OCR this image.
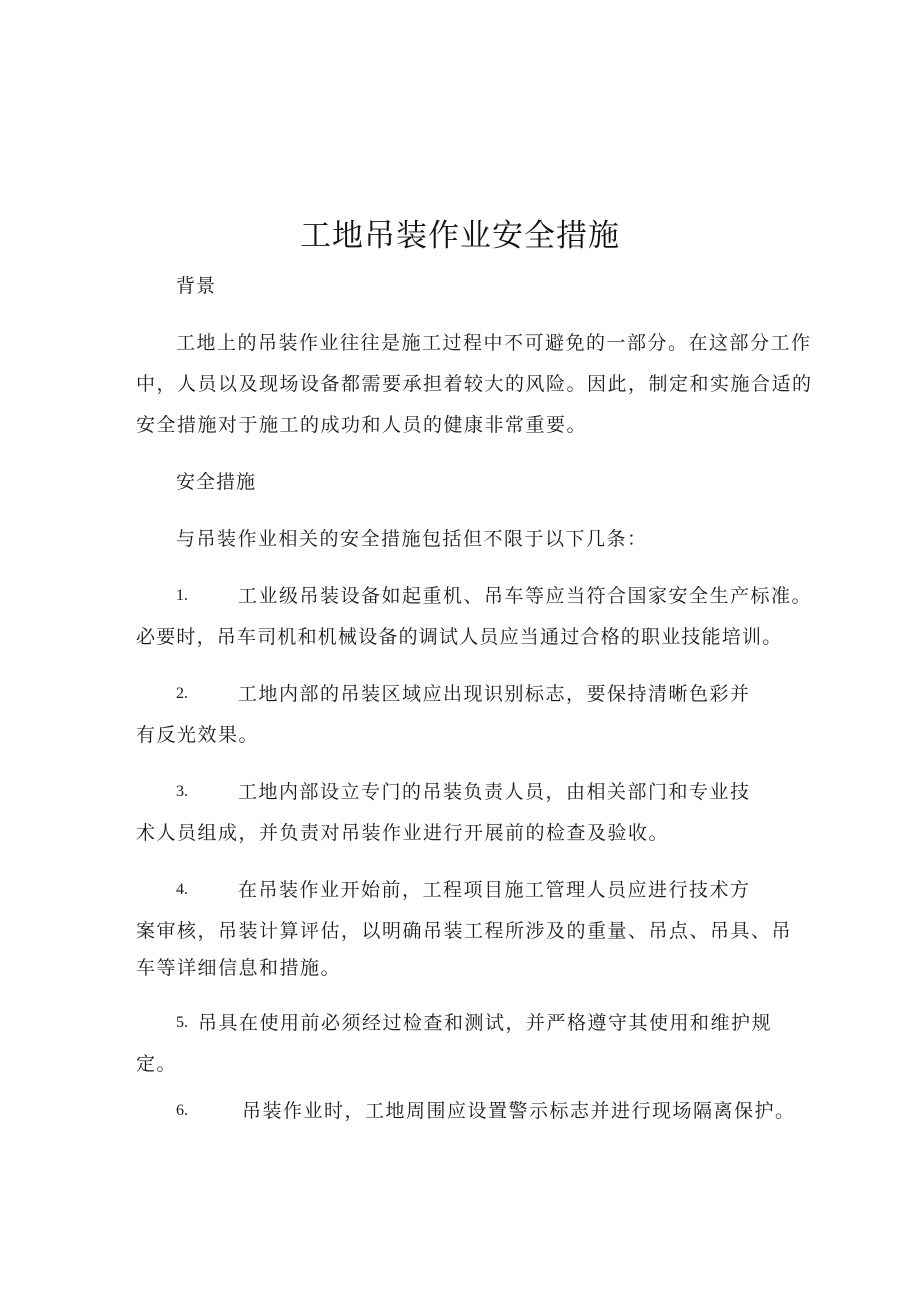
工地吊装作业安全措施
背景
工地上的吊装作业往往是施工过程中不可避免的一部分。在这部分工作
中，人员以及现场设备都需要承担着较大的风险。因此，制定和实施合适的
安全措施对于施工的成功和人员的健康非常重要。
安全措施
与吊装作业相关的安全措施包括但不限于以下几条：
1.	工业级吊装设备如起重机、吊车等应当符合国家安全生产标准。
必要时，吊车司机和机械设备的调试人员应当通过合格的职业技能培训。
2.	工地内部的吊装区域应出现识别标志，要保持清晰色彩并
有反光效果。
3.	工地内部设立专门的吊装负责人员，由相关部门和专业技
术人员组成，并负责对吊装作业进行开展前的检查及验收。
4.	在吊装作业开始前，工程项目施工管理人员应进行技术方
案审核，吊装计算评估，以明确吊装工程所涉及的重量、吊点、吊具、吊
车等详细信息和措施。
5. 吊具在使用前必须经过检查和测试，并严格遵守其使用和维护规
定。
6.	吊装作业时，工地周围应设置警示标志并进行现场隔离保护。
